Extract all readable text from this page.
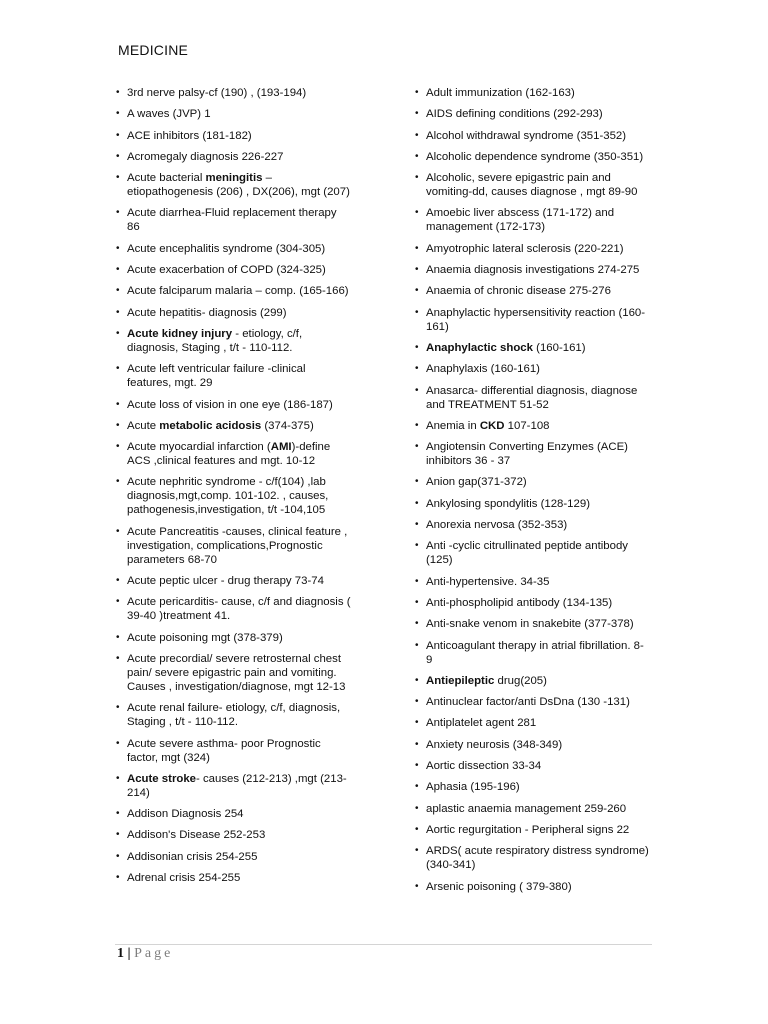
MEDICINE
• 3rd nerve palsy-cf (190) , (193-194)
• A waves (JVP) 1
• ACE inhibitors (181-182)
• Acromegaly diagnosis 226-227
• Acute bacterial meningitis – etiopathogenesis (206) , DX(206), mgt (207)
• Acute diarrhea-Fluid replacement therapy 86
• Acute encephalitis syndrome (304-305)
• Acute exacerbation of COPD (324-325)
• Acute falciparum malaria – comp. (165-166)
• Acute hepatitis- diagnosis (299)
• Acute kidney injury - etiology, c/f, diagnosis, Staging , t/t - 110-112.
• Acute left ventricular failure -clinical features, mgt. 29
• Acute loss of vision in one eye (186-187)
• Acute metabolic acidosis (374-375)
• Acute myocardial infarction (AMI)-define ACS ,clinical features and mgt. 10-12
• Acute nephritic syndrome - c/f(104) ,lab diagnosis,mgt,comp. 101-102. , causes, pathogenesis,investigation, t/t -104,105
• Acute Pancreatitis -causes, clinical feature , investigation, complications,Prognostic parameters 68-70
• Acute peptic ulcer - drug therapy 73-74
• Acute pericarditis- cause, c/f and diagnosis ( 39-40 )treatment 41.
• Acute poisoning mgt (378-379)
• Acute precordial/ severe retrosternal chest pain/ severe epigastric pain and vomiting. Causes , investigation/diagnose, mgt 12-13
• Acute renal failure- etiology, c/f, diagnosis, Staging , t/t - 110-112.
• Acute severe asthma- poor Prognostic factor, mgt (324)
• Acute stroke- causes (212-213) ,mgt (213-214)
• Addison Diagnosis 254
• Addison's Disease 252-253
• Addisonian crisis 254-255
• Adrenal crisis 254-255
• Adult immunization (162-163)
• AIDS defining conditions (292-293)
• Alcohol withdrawal syndrome (351-352)
• Alcoholic dependence syndrome (350-351)
• Alcoholic, severe epigastric pain and vomiting-dd, causes diagnose , mgt 89-90
• Amoebic liver abscess (171-172) and management (172-173)
• Amyotrophic lateral sclerosis (220-221)
• Anaemia diagnosis investigations 274-275
• Anaemia of chronic disease 275-276
• Anaphylactic hypersensitivity reaction (160-161)
• Anaphylactic shock (160-161)
• Anaphylaxis (160-161)
• Anasarca- differential diagnosis, diagnose and TREATMENT 51-52
• Anemia in CKD 107-108
• Angiotensin Converting Enzymes (ACE) inhibitors 36 - 37
• Anion gap(371-372)
• Ankylosing spondylitis (128-129)
• Anorexia nervosa (352-353)
• Anti -cyclic citrullinated peptide antibody (125)
• Anti-hypertensive. 34-35
• Anti-phospholipid antibody (134-135)
• Anti-snake venom in snakebite (377-378)
• Anticoagulant therapy in atrial fibrillation. 8-9
• Antiepileptic drug(205)
• Antinuclear factor/anti DsDna (130 -131)
• Antiplatelet agent 281
• Anxiety neurosis (348-349)
• Aortic dissection 33-34
• Aphasia (195-196)
• aplastic anaemia management 259-260
• Aortic regurgitation - Peripheral signs 22
• ARDS( acute respiratory distress syndrome) (340-341)
• Arsenic poisoning ( 379-380)
1 | Page
